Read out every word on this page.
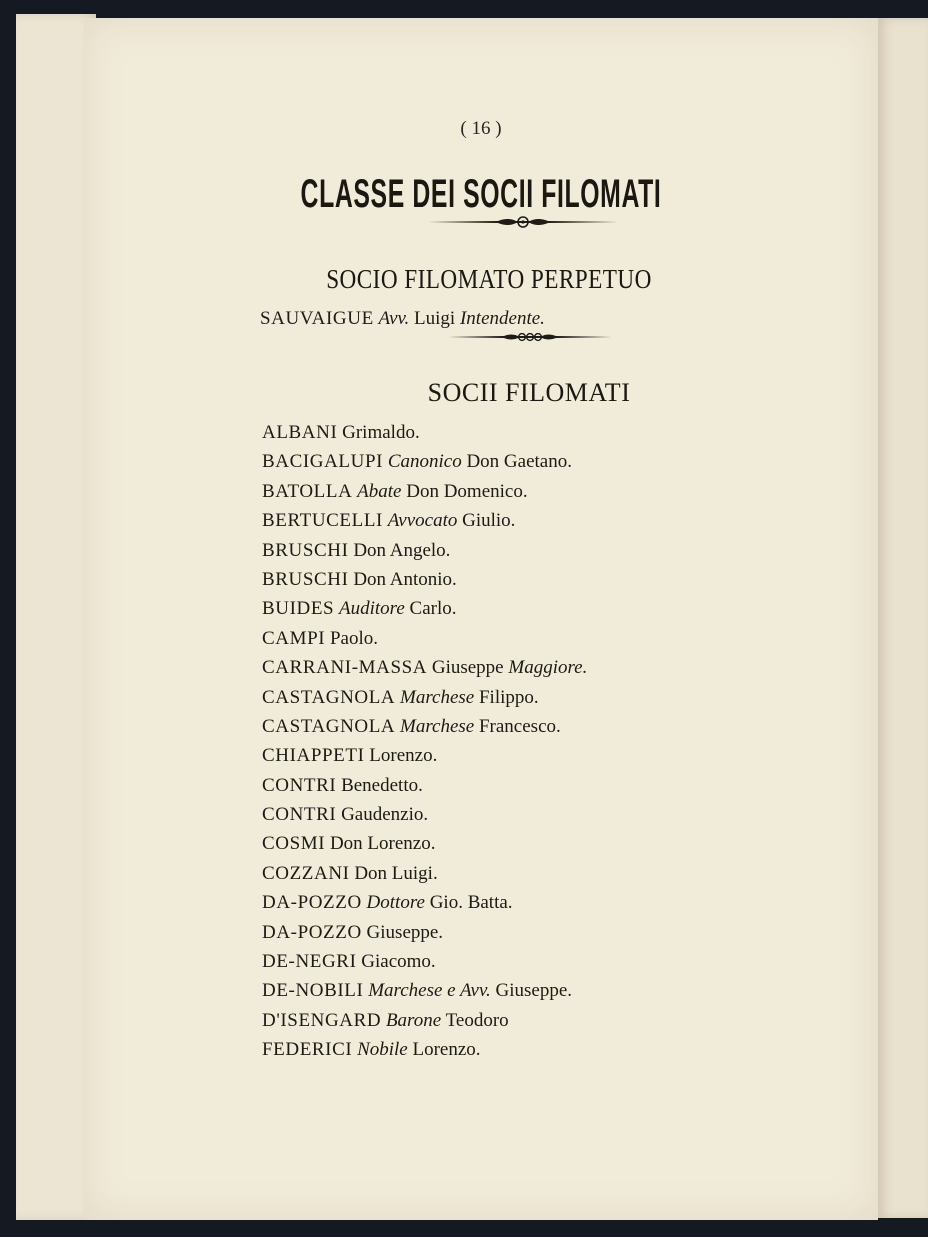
( 16 )
CLASSE DEI SOCII FILOMATI
SOCIO FILOMATO PERPETUO
SAUVAIGUE Avv. Luigi Intendente.
SOCII FILOMATI
ALBANI Grimaldo.
BACIGALUPI Canonico Don Gaetano.
BATOLLA Abate Don Domenico.
BERTUCELLI Avvocato Giulio.
BRUSCHI Don Angelo.
BRUSCHI Don Antonio.
BUIDES Auditore Carlo.
CAMPI Paolo.
CARRANI-MASSA Giuseppe Maggiore.
CASTAGNOLA Marchese Filippo.
CASTAGNOLA Marchese Francesco.
CHIAPPETI Lorenzo.
CONTRI Benedetto.
CONTRI Gaudenzio.
COSMI Don Lorenzo.
COZZANI Don Luigi.
DA-POZZO Dottore Gio. Batta.
DA-POZZO Giuseppe.
DE-NEGRI Giacomo.
DE-NOBILI Marchese e Avv. Giuseppe.
D'ISENGARD Barone Teodoro
FEDERICI Nobile Lorenzo.
